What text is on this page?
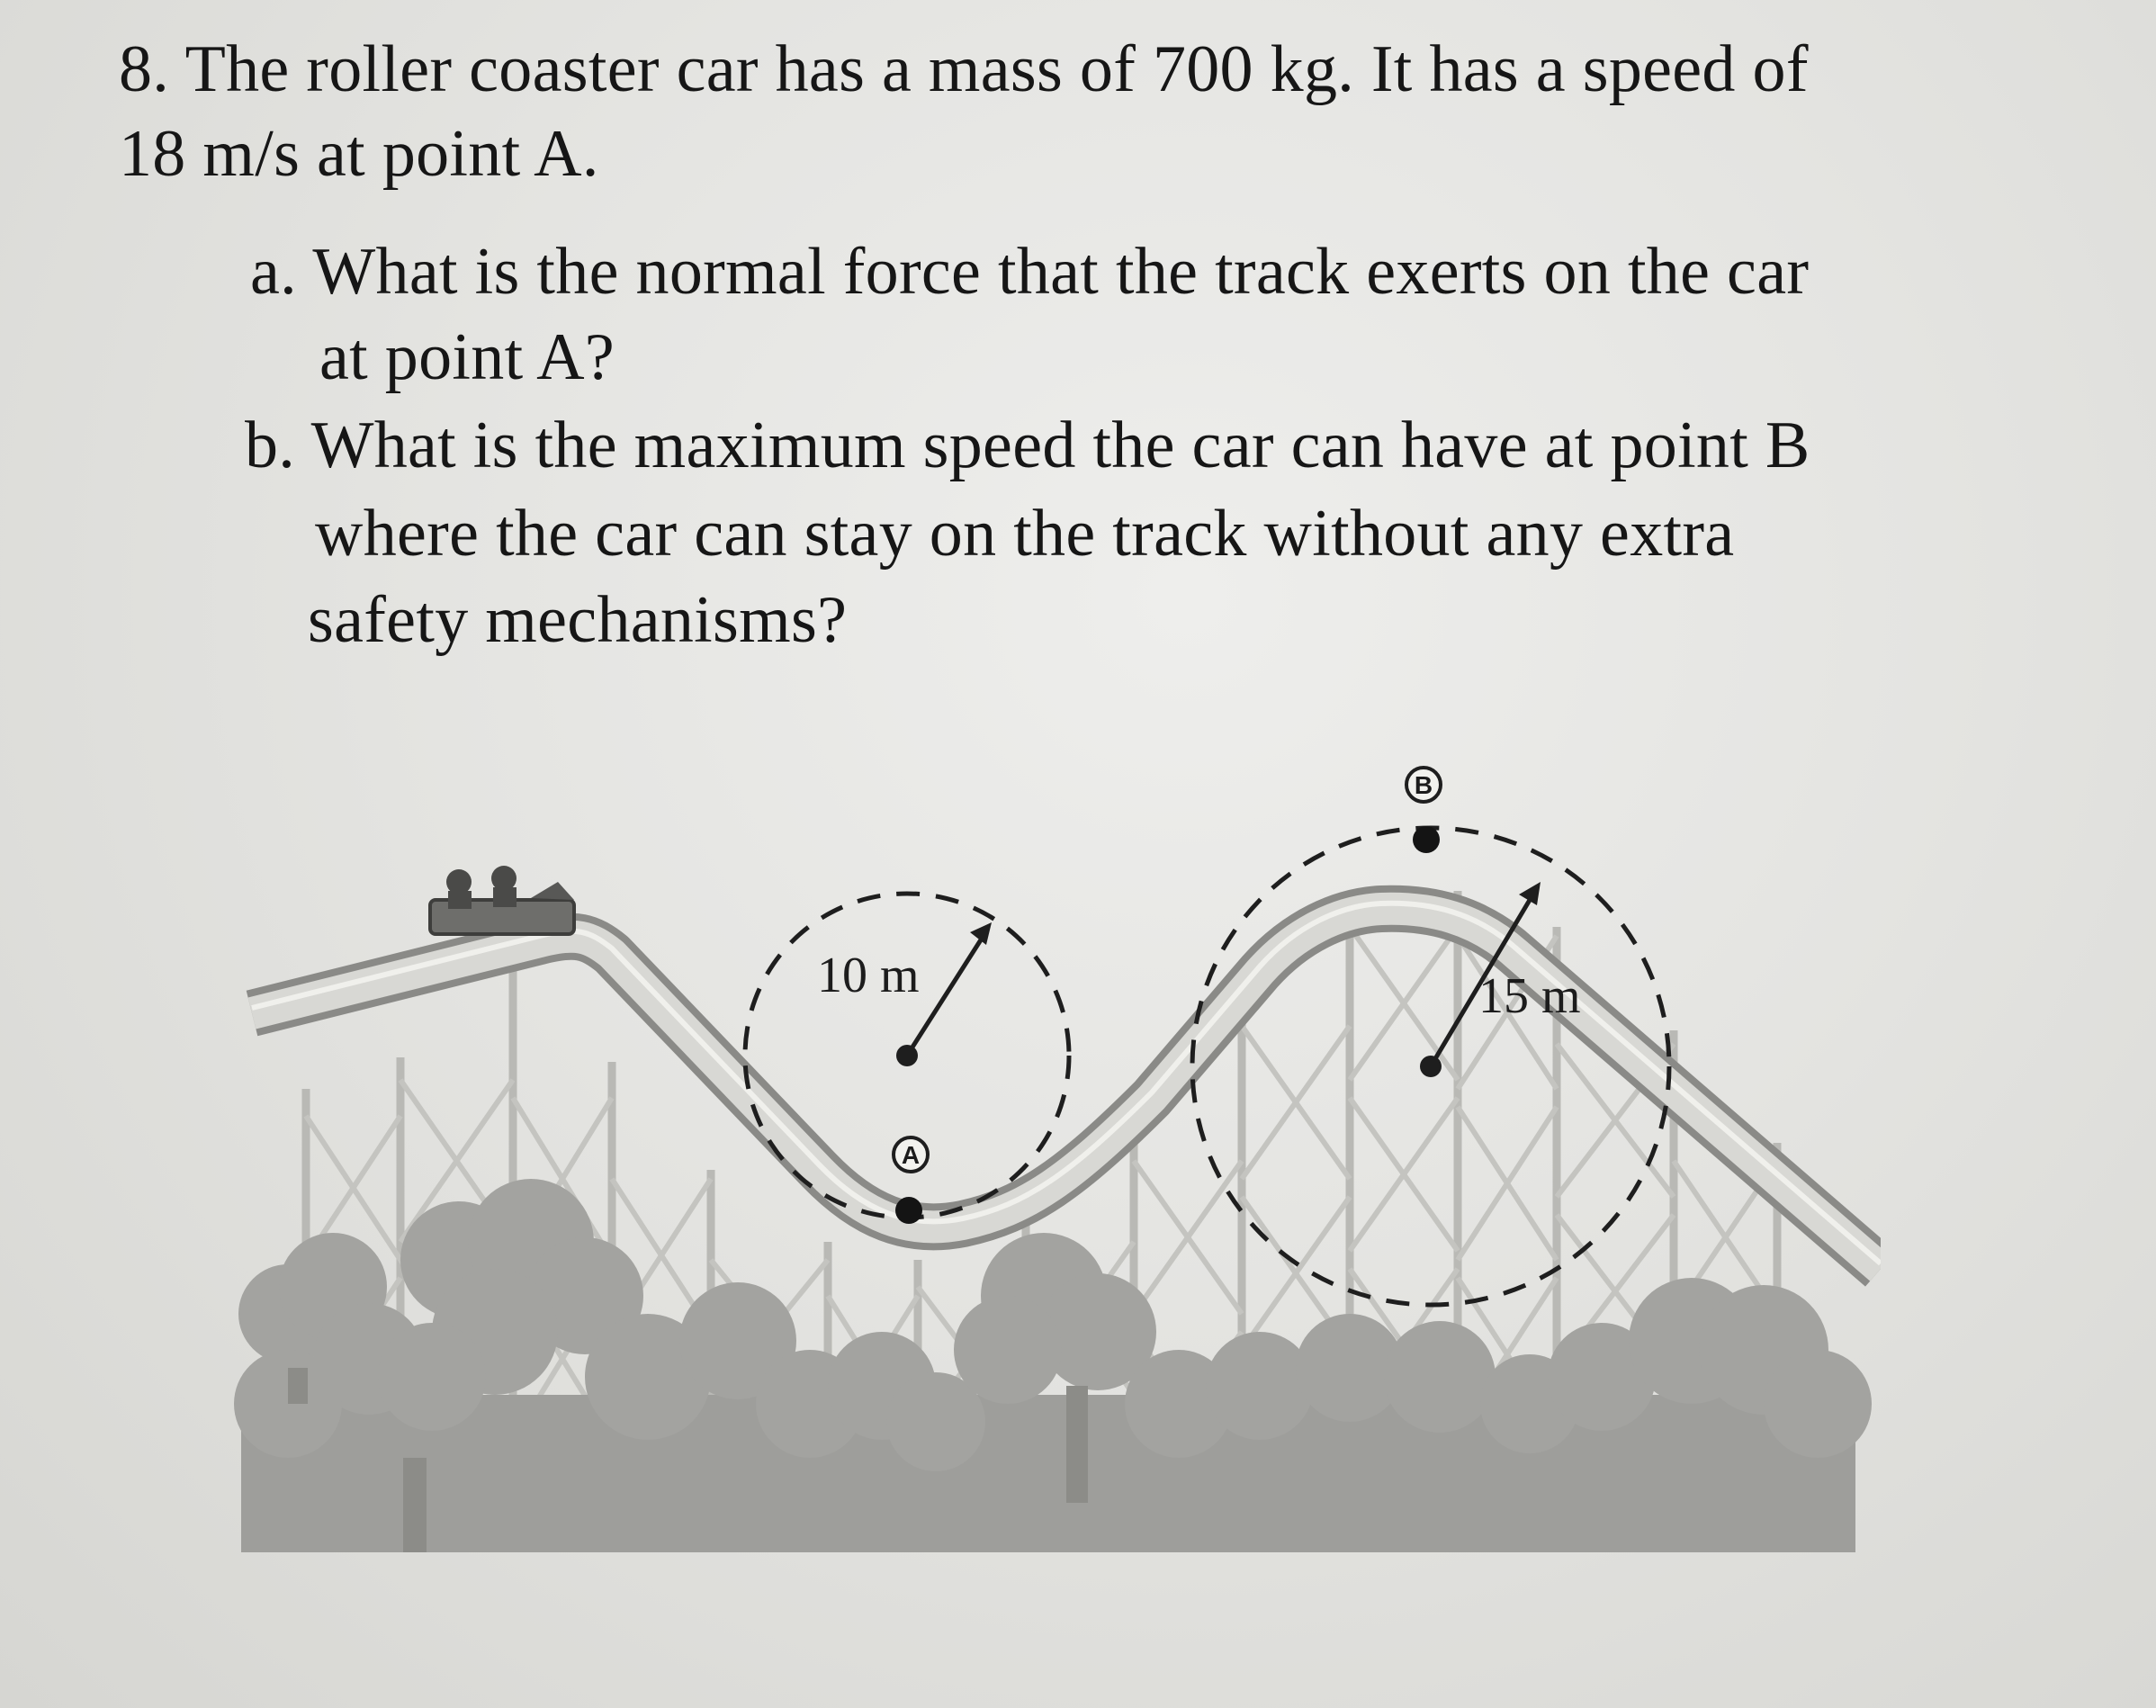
8. The roller coaster car has a mass of 700 kg. It has a speed of
18 m/s at point A.
a. What is the normal force that the track exerts on the car
at point A?
b. What is the maximum speed the car can have at point B
where the car can stay on the track without any extra
safety mechanisms?
10 m
A
15 m
B
